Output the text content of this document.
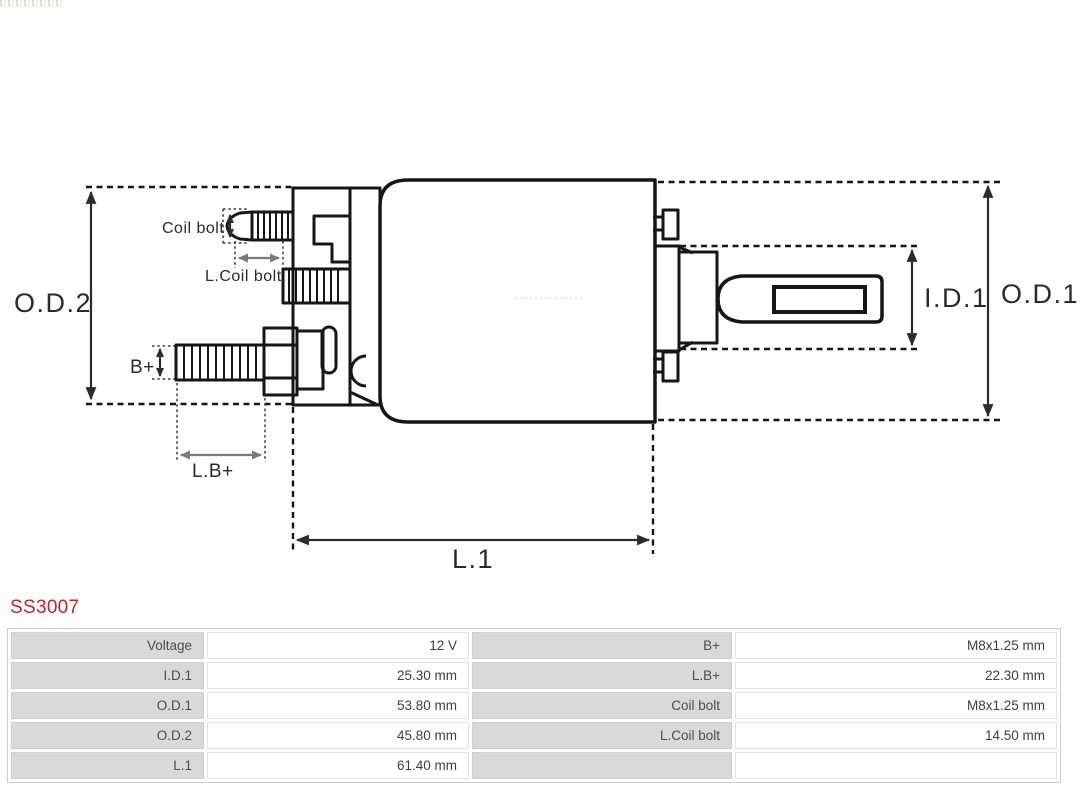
O.D.2	O.D.1
I.D.1
L.1
L.B+
B+
Coil bolt
L.Coil bolt
SS3007
Voltage	12 V	B+	M8x1.25 mm
I.D.1	25.30 mm	L.B+	22.30 mm
O.D.1	53.80 mm	Coil bolt	M8x1.25 mm
O.D.2	45.80 mm	L.Coil bolt	14.50 mm
L.1	61.40 mm		
